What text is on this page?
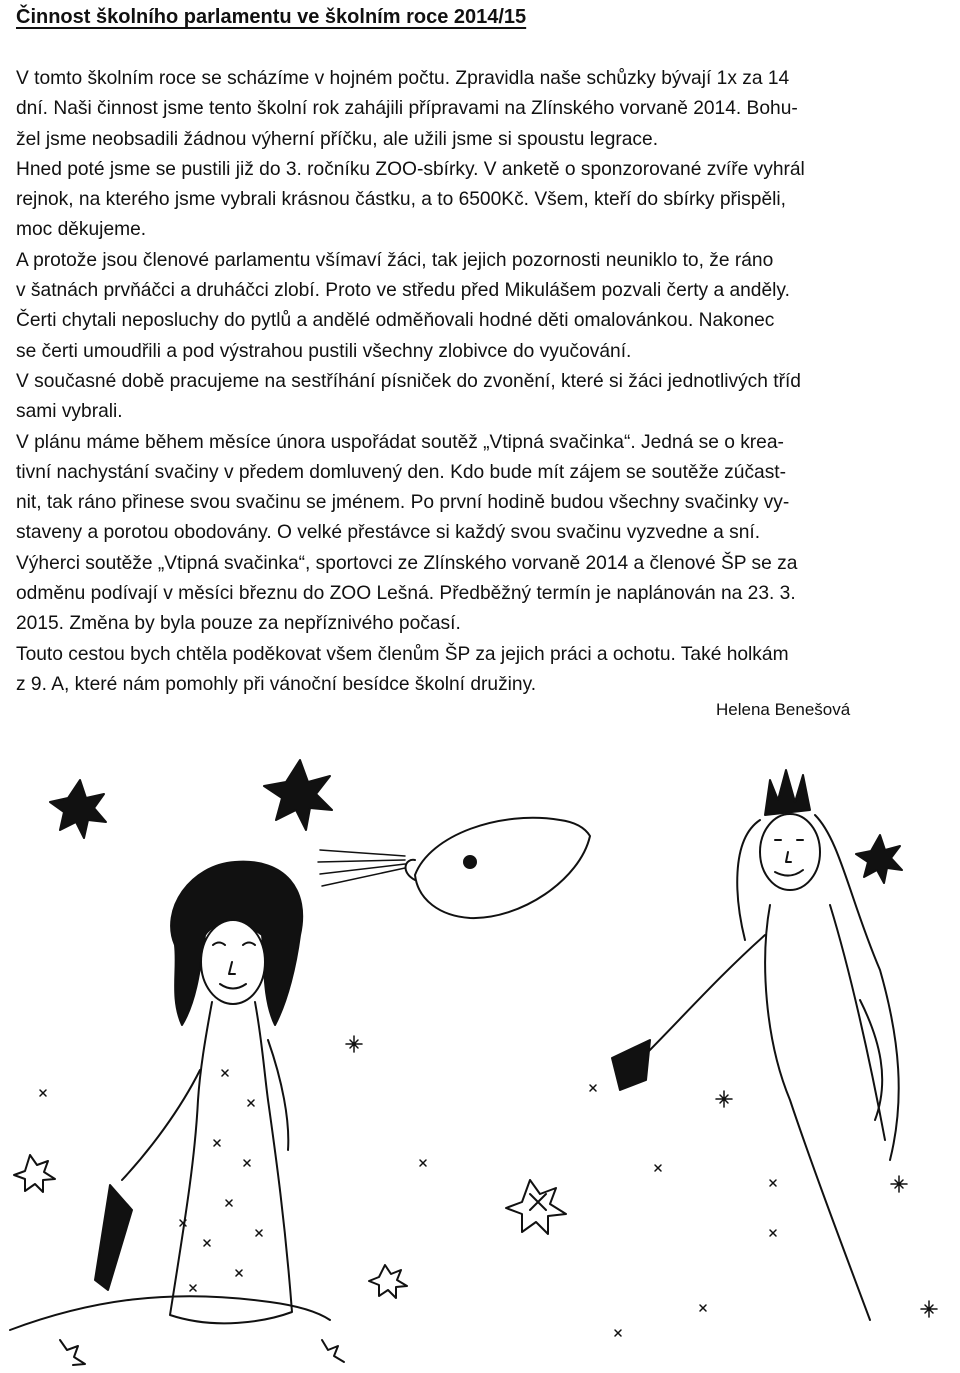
Činnost školního parlamentu ve školním roce 2014/15
V tomto školním roce se scházíme v hojném počtu. Zpravidla naše schůzky bývají 1x za 14
dní. Naši činnost jsme tento školní rok zahájili přípravami na Zlínského vorvaně 2014. Bohu-
žel jsme neobsadili žádnou výherní příčku, ale užili jsme si spoustu legrace.
Hned poté jsme se pustili již do 3. ročníku ZOO-sbírky. V anketě o sponzorované zvíře vyhrál
rejnok, na kterého jsme vybrali krásnou částku, a to 6500Kč. Všem, kteří do sbírky přispěli,
moc děkujeme.
A protože jsou členové parlamentu všímaví žáci, tak jejich pozornosti neuniklo to, že ráno
v šatnách prvňáčci a druháčci zlobí. Proto ve středu před Mikulášem pozvali čerty a anděly.
Čerti chytali neposluchy do pytlů a andělé odměňovali hodné děti omalovánkou. Nakonec
se čerti umoudřili a pod výstrahou pustili všechny zlobivce do vyučování.
V současné době pracujeme na sestříhání písniček do zvonění, které si žáci jednotlivých tříd
sami vybrali.
V plánu máme během měsíce února uspořádat soutěž „Vtipná svačinka“. Jedná se o krea-
tivní nachystání svačiny v předem domluvený den. Kdo bude mít zájem se soutěže zúčast-
nit, tak ráno přinese svou svačinu se jménem. Po první hodině budou všechny svačinky vy-
staveny a porotou obodovány. O velké přestávce si každý svou svačinu vyzvedne a sní.
Výherci soutěže „Vtipná svačinka“, sportovci ze Zlínského vorvaně 2014 a členové ŠP se za
odměnu podívají v měsíci březnu do ZOO Lešná. Předběžný termín je naplánován na 23. 3.
2015. Změna by byla pouze za nepříznivého počasí.
Touto cestou bych chtěla poděkovat všem členům ŠP za jejich práci a ochotu. Také holkám
z 9. A, které nám pomohly při vánoční besídce školní družiny.
Helena Benešová
